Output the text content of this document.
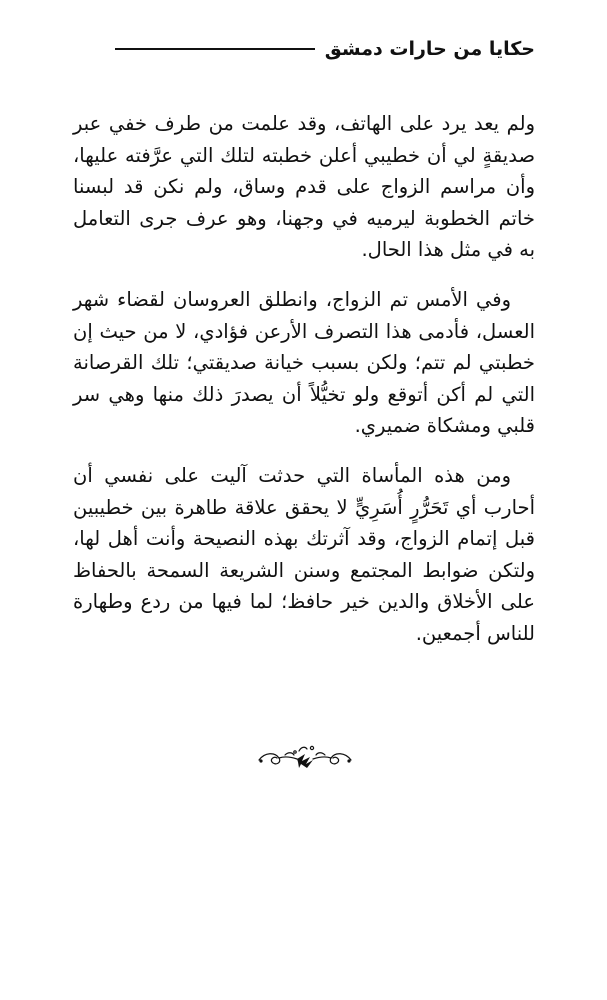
حكايا من حارات دمشق

ولم يعد يرد على الهاتف، وقد علمت من طرف خفي عبر صديقةٍ لي أن خطيبي أعلن خطبته لتلك التي عرَّفته عليها، وأن مراسم الزواج على قدم وساق، ولم نكن قد لبسنا خاتم الخطوبة ليرميه في وجهنا، وهو عرف جرى التعامل به في مثل هذا الحال.

وفي الأمس تم الزواج، وانطلق العروسان لقضاء شهر العسل، فأدمى هذا التصرف الأرعن فؤادي، لا من حيث إن خطبتي لم تتم؛ ولكن بسبب خيانة صديقتي؛ تلك القرصانة التي لم أكن أتوقع ولو تخيُّلاً أن يصدرَ ذلك منها وهي سر قلبي ومشكاة ضميري.

ومن هذه المأساة التي حدثت آليت على نفسي أن أحارب أي تَحَرُّرٍ أُسَرِيٍّ لا يحقق علاقة طاهرة بين خطيبين قبل إتمام الزواج، وقد آثرتك بهذه النصيحة وأنت أهل لها، ولتكن ضوابط المجتمع وسنن الشريعة السمحة بالحفاظ على الأخلاق والدين خير حافظ؛ لما فيها من ردع وطهارة للناس أجمعين.
